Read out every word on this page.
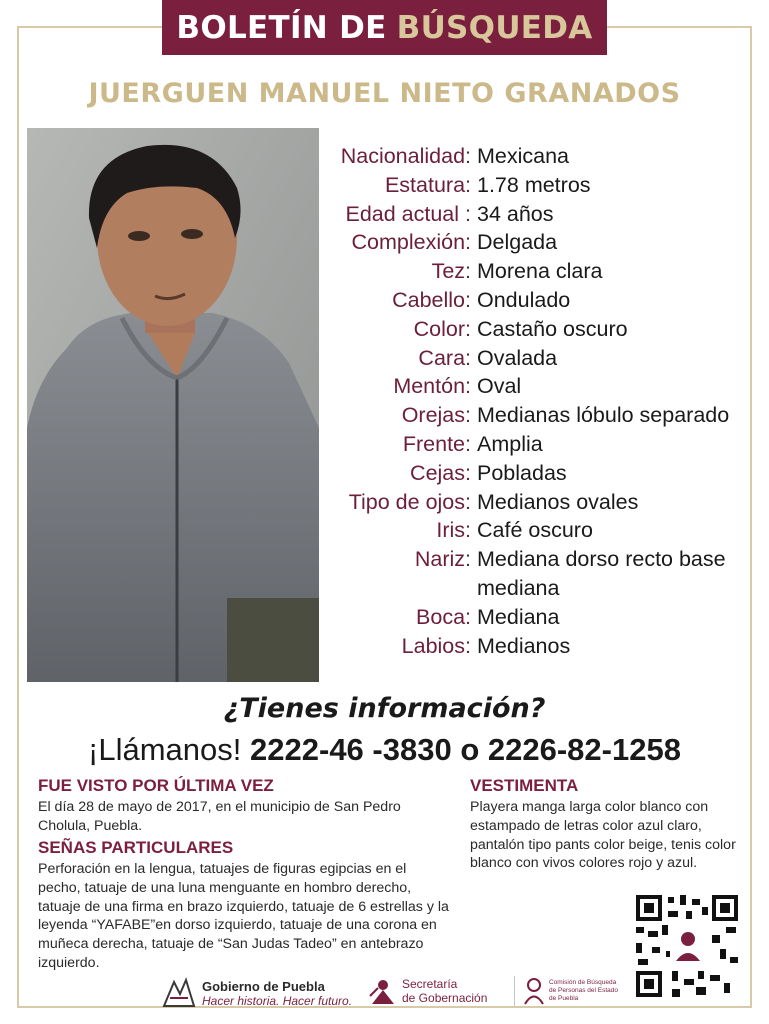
BOLETÍN DE BÚSQUEDA
JUERGUEN MANUEL NIETO GRANADOS
Nacionalidad: Mexicana
Estatura: 1.78 metros
Edad actual : 34 años
Complexión: Delgada
Tez: Morena clara
Cabello: Ondulado
Color: Castaño oscuro
Cara: Ovalada
Mentón: Oval
Orejas: Medianas lóbulo separado
Frente: Amplia
Cejas: Pobladas
Tipo de ojos: Medianos ovales
Iris: Café oscuro
Nariz: Mediana dorso recto base mediana
Boca: Mediana
Labios: Medianos
¿Tienes información?
¡Llámanos! 2222-46 -3830 o 2226-82-1258
FUE VISTO POR ÚLTIMA VEZ
El día 28 de mayo de 2017, en el municipio de San Pedro Cholula, Puebla.
SEÑAS PARTICULARES
Perforación en la lengua, tatuajes de figuras egipcias en el pecho, tatuaje de una luna menguante en hombro derecho, tatuaje de una firma en brazo izquierdo, tatuaje de 6 estrellas y la leyenda “YAFABE”en dorso izquierdo, tatuaje de una corona en muñeca derecha, tatuaje de “San Judas Tadeo” en antebrazo izquierdo.
VESTIMENTA
Playera manga larga color blanco con estampado de letras color azul claro, pantalón tipo pants color beige, tenis color blanco con vivos colores rojo y azul.
Gobierno de Puebla
Hacer historia. Hacer futuro.
Secretaría
de Gobernación
Comisión de Búsqueda
de Personas del Estado
de Puebla
